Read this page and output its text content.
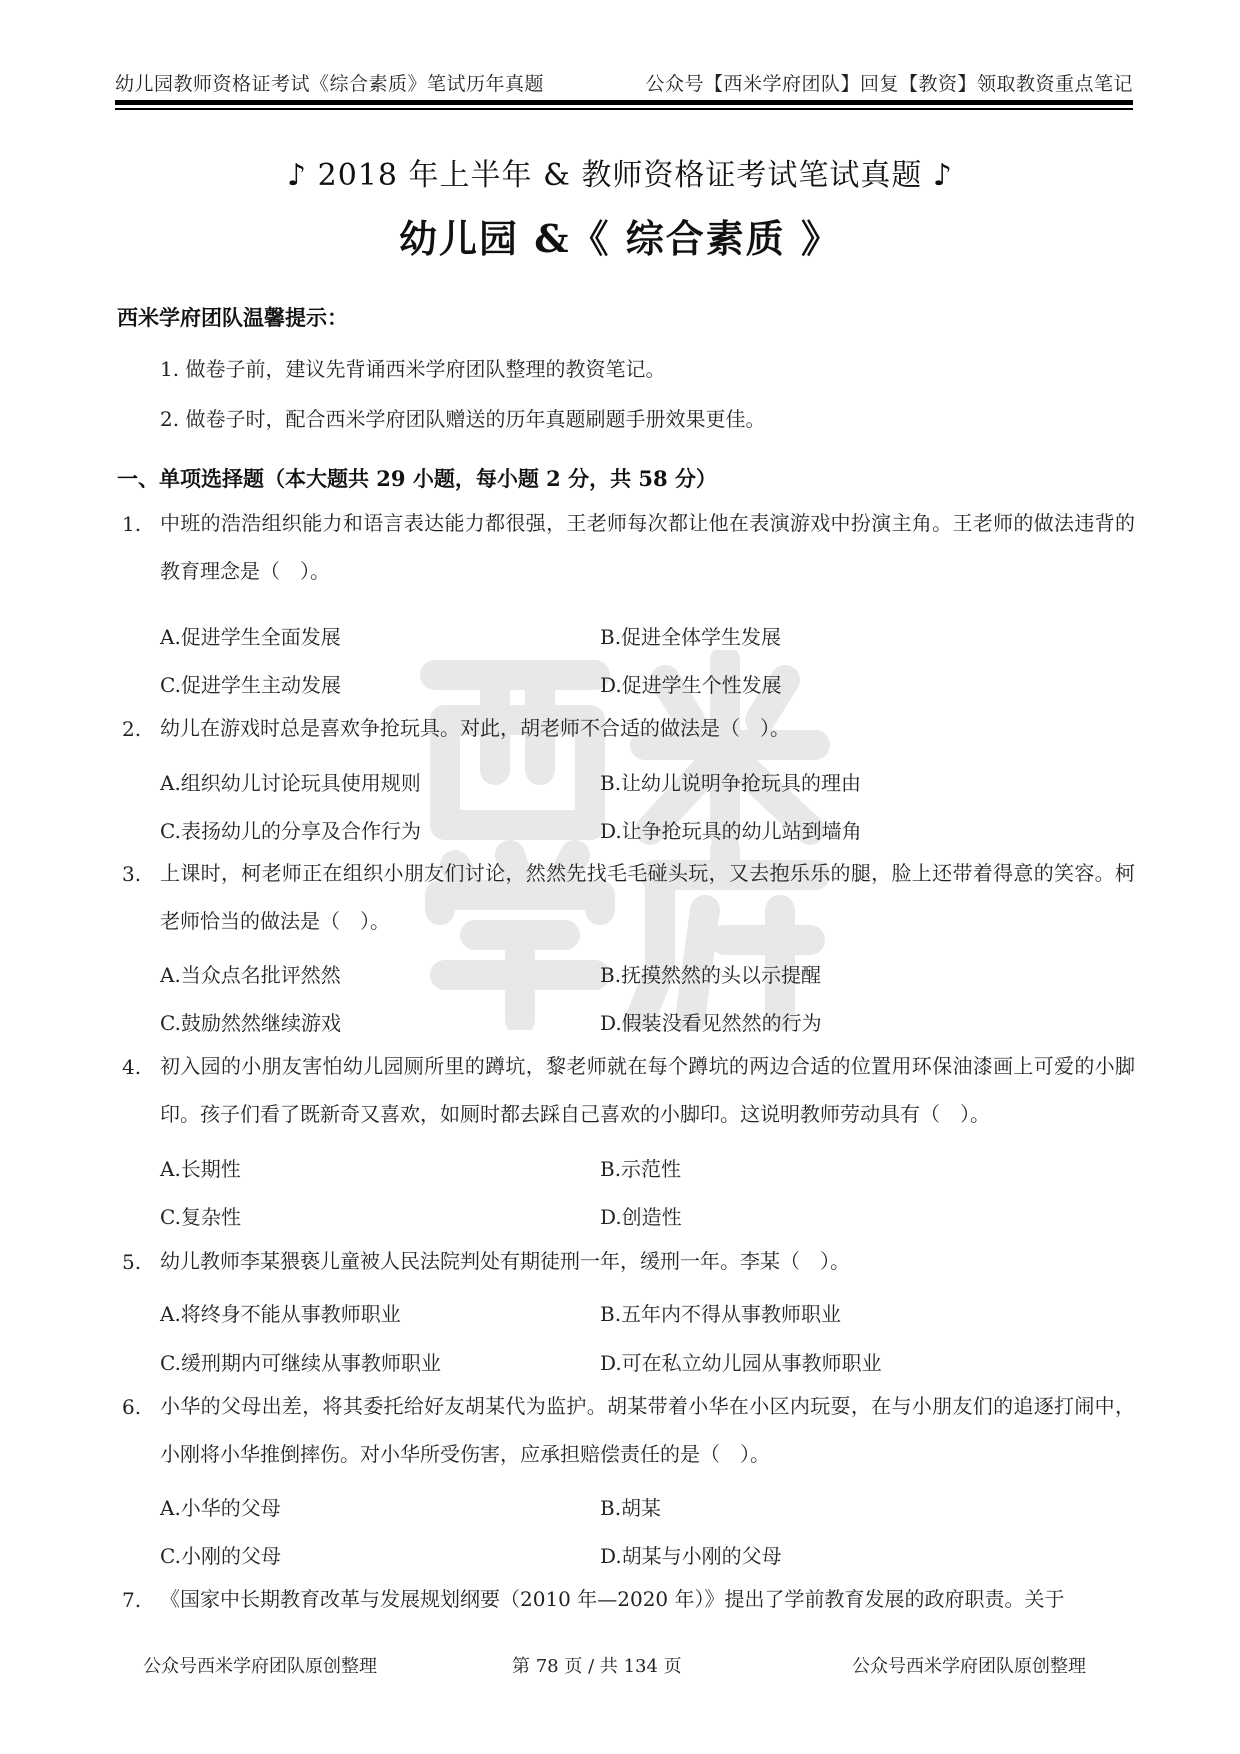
幼儿园教师资格证考试《综合素质》笔试历年真题	公众号【西米学府团队】回复【教资】领取教资重点笔记
♪ 2018 年上半年 & 教师资格证考试笔试真题 ♪
幼儿园 &《 综合素质 》
西米学府团队温馨提示：
1. 做卷子前，建议先背诵西米学府团队整理的教资笔记。
2. 做卷子时，配合西米学府团队赠送的历年真题刷题手册效果更佳。
一、单项选择题（本大题共 29 小题，每小题 2 分，共 58 分）
1. 中班的浩浩组织能力和语言表达能力都很强，王老师每次都让他在表演游戏中扮演主角。王老师的做法违背的教育理念是（　）。
A.促进学生全面发展	B.促进全体学生发展
C.促进学生主动发展	D.促进学生个性发展
2. 幼儿在游戏时总是喜欢争抢玩具。对此，胡老师不合适的做法是（　）。
A.组织幼儿讨论玩具使用规则	B.让幼儿说明争抢玩具的理由
C.表扬幼儿的分享及合作行为	D.让争抢玩具的幼儿站到墙角
3. 上课时，柯老师正在组织小朋友们讨论，然然先找毛毛碰头玩，又去抱乐乐的腿，脸上还带着得意的笑容。柯老师恰当的做法是（　）。
A.当众点名批评然然	B.抚摸然然的头以示提醒
C.鼓励然然继续游戏	D.假装没看见然然的行为
4. 初入园的小朋友害怕幼儿园厕所里的蹲坑，黎老师就在每个蹲坑的两边合适的位置用环保油漆画上可爱的小脚印。孩子们看了既新奇又喜欢，如厕时都去踩自己喜欢的小脚印。这说明教师劳动具有（　）。
A.长期性	B.示范性
C.复杂性	D.创造性
5. 幼儿教师李某猥亵儿童被人民法院判处有期徒刑一年，缓刑一年。李某（　）。
A.将终身不能从事教师职业	B.五年内不得从事教师职业
C.缓刑期内可继续从事教师职业	D.可在私立幼儿园从事教师职业
6. 小华的父母出差，将其委托给好友胡某代为监护。胡某带着小华在小区内玩耍，在与小朋友们的追逐打闹中，小刚将小华推倒摔伤。对小华所受伤害，应承担赔偿责任的是（　）。
A.小华的父母	B.胡某
C.小刚的父母	D.胡某与小刚的父母
7. 《国家中长期教育改革与发展规划纲要（2010 年—2020 年）》提出了学前教育发展的政府职责。关于
公众号西米学府团队原创整理	第 78 页 / 共 134 页	公众号西米学府团队原创整理
